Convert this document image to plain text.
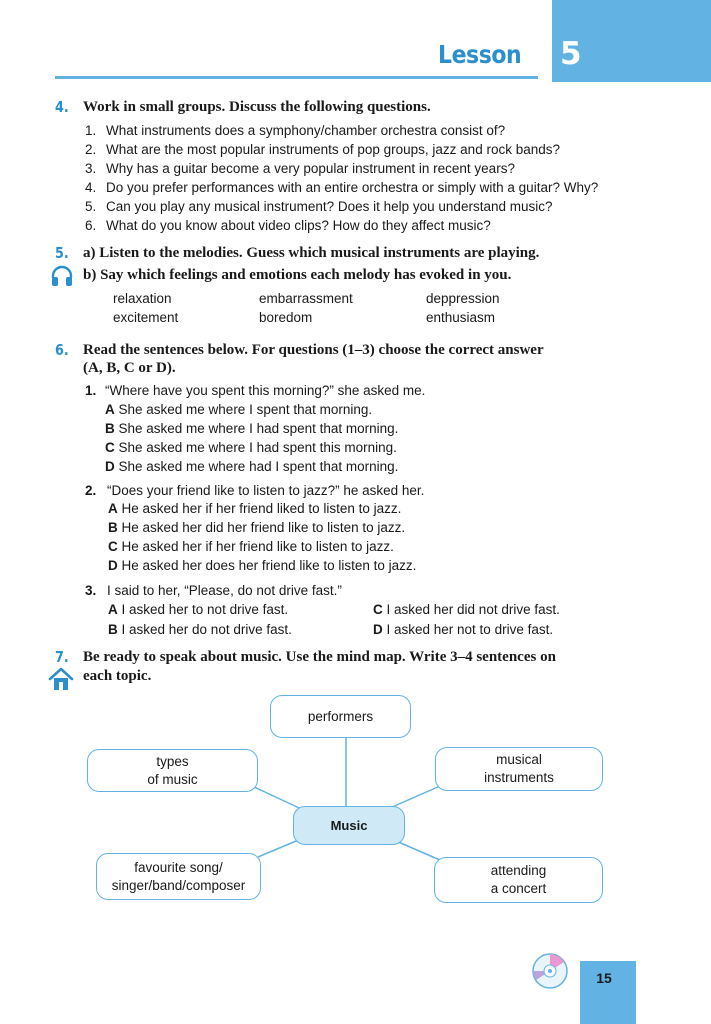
Lesson 5
4. Work in small groups. Discuss the following questions.
1. What instruments does a symphony/chamber orchestra consist of?
2. What are the most popular instruments of pop groups, jazz and rock bands?
3. Why has a guitar become a very popular instrument in recent years?
4. Do you prefer performances with an entire orchestra or simply with a guitar? Why?
5. Can you play any musical instrument? Does it help you understand music?
6. What do you know about video clips? How do they affect music?
5. a) Listen to the melodies. Guess which musical instruments are playing.
b) Say which feelings and emotions each melody has evoked in you.
relaxation	embarrassment	deppression
excitement	boredom	enthusiasm
6. Read the sentences below. For questions (1–3) choose the correct answer
(A, B, C or D).
1. “Where have you spent this morning?” she asked me.
A She asked me where I spent that morning.
B She asked me where I had spent that morning.
C She asked me where I had spent this morning.
D She asked me where had I spent that morning.
2. “Does your friend like to listen to jazz?” he asked her.
A He asked her if her friend liked to listen to jazz.
B He asked her did her friend like to listen to jazz.
C He asked her if her friend like to listen to jazz.
D He asked her does her friend like to listen to jazz.
3. I said to her, “Please, do not drive fast.”
A I asked her to not drive fast.	C I asked her did not drive fast.
B I asked her do not drive fast.	D I asked her not to drive fast.
7. Be ready to speak about music. Use the mind map. Write 3–4 sentences on
each topic.
performers
types
of music
musical
instruments
Music
favourite song/
singer/band/composer
attending
a concert
15
